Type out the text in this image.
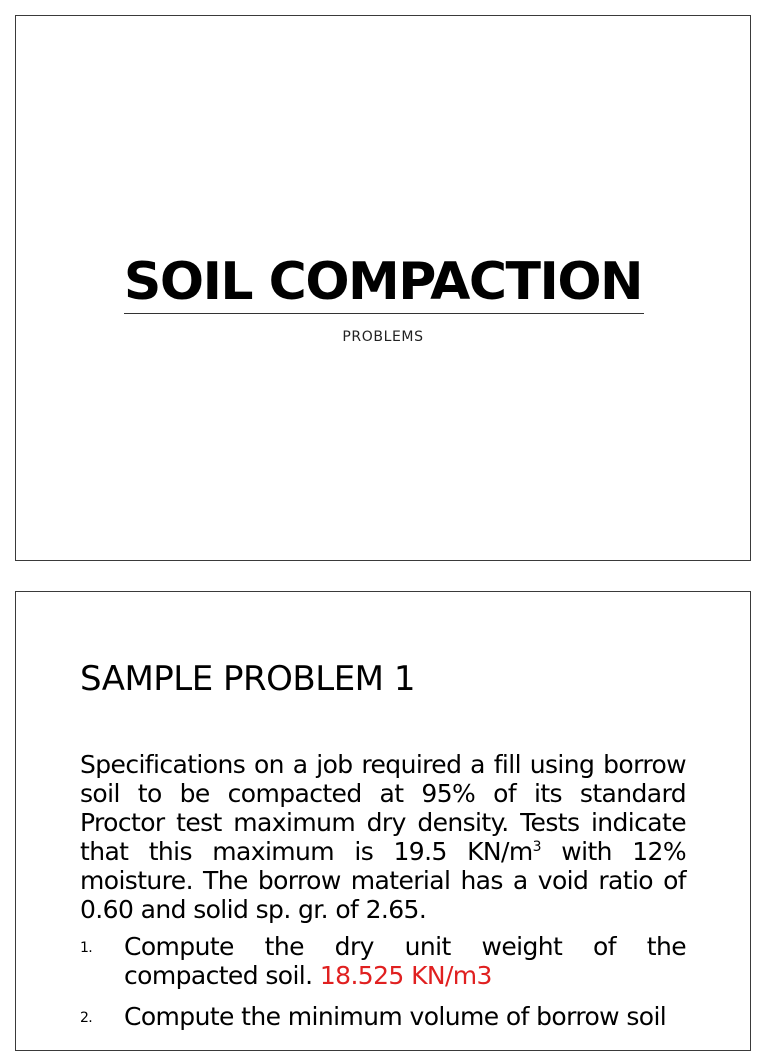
SOIL COMPACTION
PROBLEMS
SAMPLE PROBLEM 1
Specifications on a job required a fill using borrow soil to be compacted at 95% of its standard Proctor test maximum dry density. Tests indicate that this maximum is 19.5 $KN/m^3$ with 12% moisture. The borrow material has a void ratio of 0.60 and solid sp. gr. of 2.65.
1. Compute the dry unit weight of the compacted soil. 18.525 KN/m3
2. Compute the minimum volume of borrow soil
